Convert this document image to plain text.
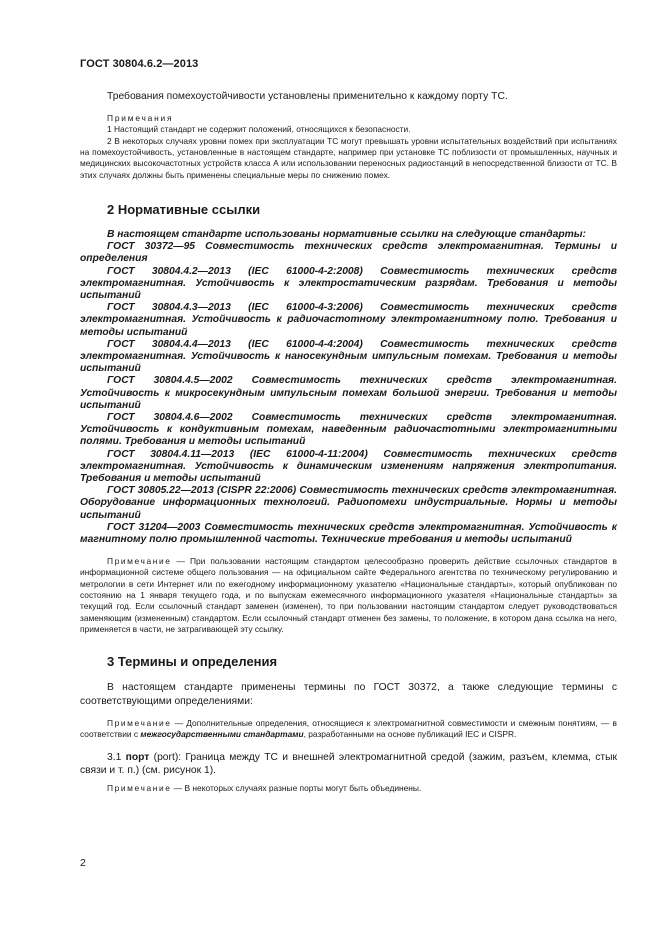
ГОСТ 30804.6.2—2013

Требования помехоустойчивости установлены применительно к каждому порту ТС.

Примечания

1 Настоящий стандарт не содержит положений, относящихся к безопасности.

2 В некоторых случаях уровни помех при эксплуатации ТС могут превышать уровни испытательных воздействий при испытаниях на помехоустойчивость, установленные в настоящем стандарте, например при установке ТС поблизости от промышленных, научных и медицинских высокочастотных устройств класса А или использовании переносных радиостанций в непосредственной близости от ТС. В этих случаях должны быть применены специальные меры по снижению помех.

2 Нормативные ссылки

В настоящем стандарте использованы нормативные ссылки на следующие стандарты:

ГОСТ 30372—95 Совместимость технических средств электромагнитная. Термины и определения

ГОСТ 30804.4.2—2013 (IEC 61000-4-2:2008) Совместимость технических средств электромагнитная. Устойчивость к электростатическим разрядам. Требования и методы испытаний

ГОСТ 30804.4.3—2013 (IEC 61000-4-3:2006) Совместимость технических средств электромагнитная. Устойчивость к радиочастотному электромагнитному полю. Требования и методы испытаний

ГОСТ 30804.4.4—2013 (IEC 61000-4-4:2004) Совместимость технических средств электромагнитная. Устойчивость к наносекундным импульсным помехам. Требования и методы испытаний

ГОСТ 30804.4.5—2002 Совместимость технических средств электромагнитная. Устойчивость к микросекундным импульсным помехам большой энергии. Требования и методы испытаний

ГОСТ 30804.4.6—2002 Совместимость технических средств электромагнитная. Устойчивость к кондуктивным помехам, наведенным радиочастотными электромагнитными полями. Требования и методы испытаний

ГОСТ 30804.4.11—2013 (IEC 61000-4-11:2004) Совместимость технических средств электромагнитная. Устойчивость к динамическим изменениям напряжения электропитания. Требования и методы испытаний

ГОСТ 30805.22—2013 (CISPR 22:2006) Совместимость технических средств электромагнитная. Оборудование информационных технологий. Радиопомехи индустриальные. Нормы и методы испытаний

ГОСТ 31204—2003 Совместимость технических средств электромагнитная. Устойчивость к магнитному полю промышленной частоты. Технические требования и методы испытаний

Примечание — При пользовании настоящим стандартом целесообразно проверить действие ссылочных стандартов в информационной системе общего пользования — на официальном сайте Федерального агентства по техническому регулированию и метрологии в сети Интернет или по ежегодному информационному указателю «Национальные стандарты», который опубликован по состоянию на 1 января текущего года, и по выпускам ежемесячного информационного указателя «Национальные стандарты» за текущий год. Если ссылочный стандарт заменен (изменен), то при пользовании настоящим стандартом следует руководствоваться заменяющим (измененным) стандартом. Если ссылочный стандарт отменен без замены, то положение, в котором дана ссылка на него, применяется в части, не затрагивающей эту ссылку.

3 Термины и определения

В настоящем стандарте применены термины по ГОСТ 30372, а также следующие термины с соответствующими определениями:

Примечание — Дополнительные определения, относящиеся к электромагнитной совместимости и смежным понятиям, — в соответствии с межгосударственными стандартами, разработанными на основе публикаций IEC и CISPR.

3.1 порт (port): Граница между ТС и внешней электромагнитной средой (зажим, разъем, клемма, стык связи и т. п.) (см. рисунок 1).

Примечание — В некоторых случаях разные порты могут быть объединены.

2
